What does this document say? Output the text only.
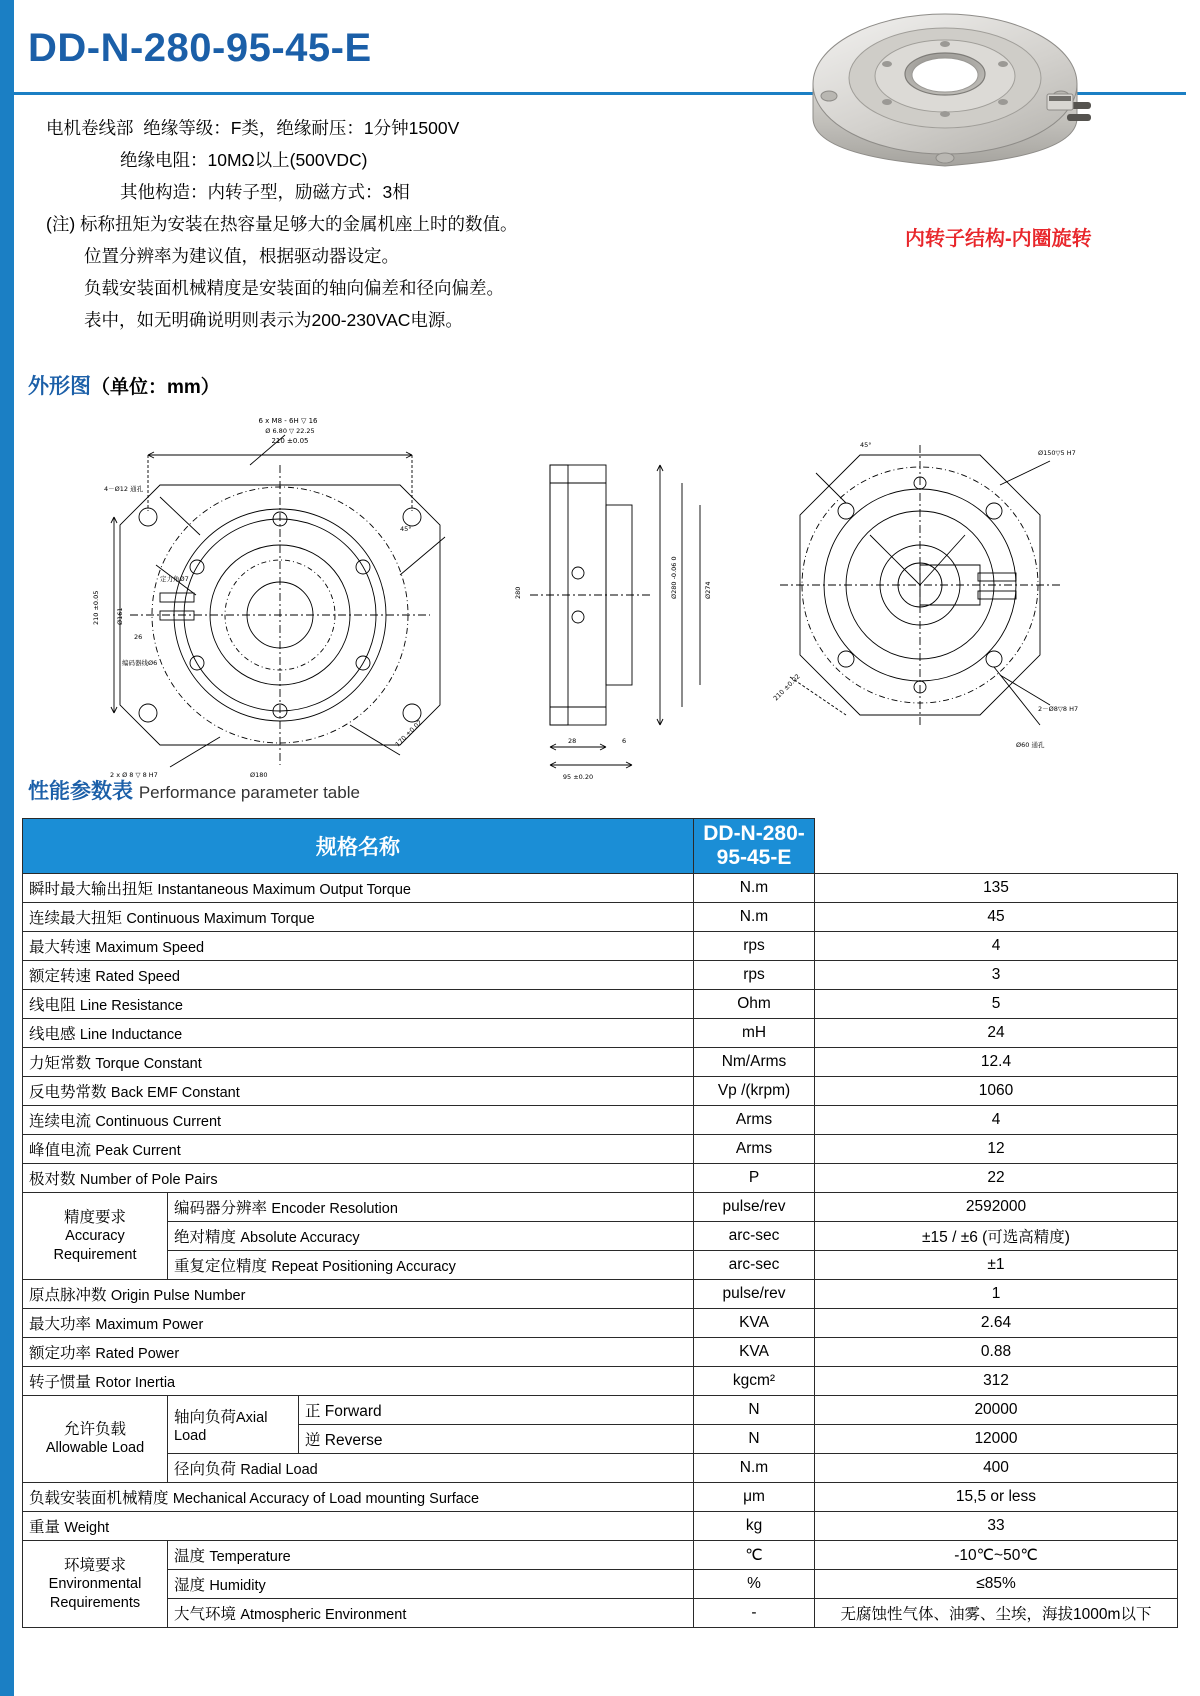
DD-N-280-95-45-E
电机卷线部  绝缘等级：F类，绝缘耐压：1分钟1500V
绝缘电阻：10MΩ以上(500VDC)
其他构造：内转子型，励磁方式：3相
(注) 标称扭矩为安装在热容量足够大的金属机座上时的数值。
位置分辨率为建议值，根据驱动器设定。
负载安装面机械精度是安装面的轴向偏差和径向偏差。
表中，如无明确说明则表示为200-230VAC电源。
内转子结构-内圈旋转
外形图（单位：mm）
210 ±0.05
6 x M8 - 6H ▽ 16
Ø 6.80 ▽ 22.25
4－Ø12 通孔
210 ±0.05 Ø161
定力角Ø7
26
编码器线Ø6
2 x Ø 8 ▽ 8 H7	Ø180
45°
170 ±0.02
280	Ø280 -0.06 0	Ø274
28	6
95 ±0.20
45°
Ø150▽5 H7
210 ±0.02
2－Ø8▽8 H7
Ø60 通孔
性能参数表 Performance parameter table
规格名称			DD-N-280-95-45-E	
瞬时最大输出扭矩 Instantaneous Maximum Output Torque			N.m	135
连续最大扭矩 Continuous Maximum Torque			N.m	45
最大转速 Maximum Speed			rps	4
额定转速 Rated Speed			rps	3
线电阻 Line Resistance			Ohm	5
线电感 Line Inductance			mH	24
力矩常数 Torque Constant			Nm/Arms	12.4
反电势常数 Back EMF Constant			Vp /(krpm)	1060
连续电流 Continuous Current			Arms	4
峰值电流 Peak Current			Arms	12
极对数 Number of Pole Pairs			P	22

精度要求
Accuracy
Requirement	编码器分辨率 Encoder Resolution		pulse/rev	2592000
	绝对精度 Absolute Accuracy		arc-sec	±15 / ±6 (可选高精度)
	重复定位精度 Repeat Positioning Accuracy		arc-sec	±1
原点脉冲数 Origin Pulse Number			pulse/rev	1
最大功率 Maximum Power			KVA	2.64
额定功率 Rated Power			KVA	0.88
转子惯量 Rotor Inertia			kgcm²	312

允许负载
Allowable Load	轴向负荷Axial Load	正 Forward	N	20000
		逆 Reverse	N	12000
	径向负荷 Radial Load		N.m	400
负载安装面机械精度 Mechanical Accuracy of Load mounting Surface			μm	15,5 or less
重量 Weight			kg	33

环境要求
Environmental
Requirements	温度 Temperature		℃	-10℃~50℃
	湿度 Humidity		%	≤85%
	大气环境 Atmospheric Environment		-	无腐蚀性气体、油雾、尘埃，海拔1000m以下
